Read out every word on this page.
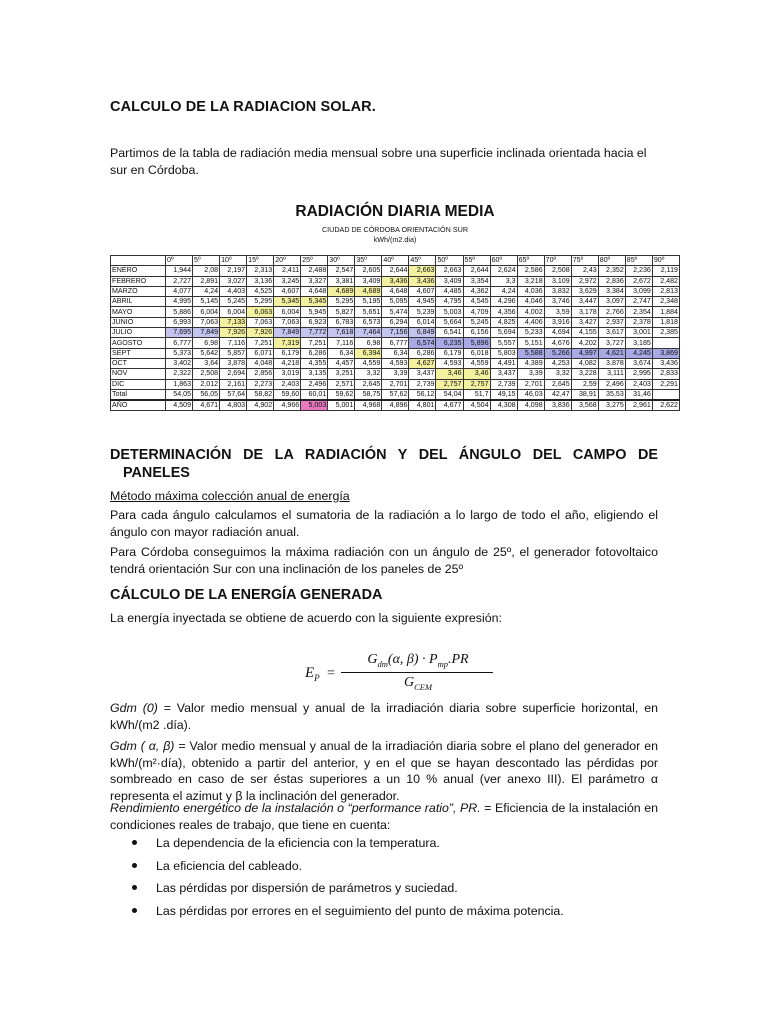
CALCULO DE LA RADIACION SOLAR.
Partimos de la tabla de radiación media mensual sobre una superficie inclinada orientada hacia el sur en Córdoba.
RADIACIÓN DIARIA MEDIA
CIUDAD DE CÓRDOBA ORIENTACIÓN SUR
kWh/(m2.dia)
	0º	5º	10º	15º	20º	25º	30º	35º	40º	45º	50º	55º	60º	65º	70º	75º	80º	85º	90º
ENERO	1,944	2,08	2,197	2,313	2,411	2,488	2,547	2,605	2,644	2,663	2,663	2,644	2,624	2,586	2,508	2,43	2,352	2,236	2,119
FEBRERO	2,727	2,891	3,027	3,136	3,245	3,327	3,381	3,409	3,436	3,436	3,409	3,354	3,3	3,218	3,109	2,972	2,836	2,672	2,482
MARZO	4,077	4,24	4,403	4,525	4,607	4,648	4,689	4,689	4,648	4,607	4,485	4,362	4,24	4,036	3,832	3,629	3,384	3,099	2,813
ABRIL	4,995	5,145	5,245	5,295	5,345	5,345	5,295	5,195	5,095	4,945	4,795	4,545	4,296	4,046	3,746	3,447	3,097	2,747	2,348
MAYO	5,886	6,004	6,004	6,063	6,004	5,945	5,827	5,651	5,474	5,239	5,003	4,709	4,356	4,002	3,59	3,178	2,766	2,354	1,884
JUNIO	6,993	7,063	7,133	7,063	7,063	6,923	6,783	6,573	6,294	6,014	5,664	5,245	4,825	4,406	3,916	3,427	2,937	2,378	1,818
JULIO	7,695	7,849	7,926	7,926	7,849	7,772	7,618	7,464	7,156	6,849	6,541	6,156	5,694	5,233	4,694	4,155	3,617	3,001	2,385
AGOSTO	6,777	6,98	7,116	7,251	7,319	7,251	7,116	6,98	6,777	6,574	6,235	5,896	5,557	5,151	4,676	4,202	3,727	3,185	
SEPT	5,373	5,642	5,857	6,071	6,179	6,286	6,34	6,394	6,34	6,286	6,179	6,018	5,803	5,588	5,266	4,997	4,621	4,245	3,869
OCT	3,402	3,64	3,878	4,048	4,218	4,355	4,457	4,559	4,593	4,627	4,593	4,559	4,491	4,389	4,253	4,082	3,878	3,674	3,436
NOV	2,322	2,508	2,694	2,856	3,019	3,135	3,251	3,32	3,39	3,437	3,46	3,46	3,437	3,39	3,32	3,228	3,111	2,995	2,833
DIC	1,863	2,012	2,161	2,273	2,403	2,496	2,571	2,645	2,701	2,739	2,757	2,757	2,739	2,701	2,645	2,59	2,496	2,403	2,291
Total	54,05	56,05	57,64	58,82	59,60	60,01	59,62	58,75	57,62	56,12	54,04	51,7	49,15	46,03	42,47	38,91	35,53	31,46	
AÑO	4,509	4,671	4,803	4,902	4,966	5,003	5,001	4,968	4,896	4,801	4,677	4,504	4,308	4,098	3,836	3,568	3,275	2,961	2,622
DETERMINACIÓN DE LA RADIACIÓN Y DEL ÁNGULO DEL CAMPO DE
PANELES
Método máxima colección anual de energía
Para cada ángulo calculamos el sumatoria de la radiación a lo largo de todo el año, eligiendo el ángulo con mayor radiación anual.
Para Córdoba conseguimos la máxima radiación con un ángulo de 25º, el generador fotovoltaico tendrá orientación Sur con una inclinación de los paneles de 25º
CÁLCULO DE LA ENERGÍA GENERADA
La energía inyectada se obtiene de acuerdo con la siguiente expresión:
$E_P$ =
$G_{dm}(\alpha$, $\beta) \cdot P_{mp}.PR$
$G_{CEM}$
Gdm (0) = Valor medio mensual y anual de la irradiación diaria sobre superficie horizontal, en kWh/(m2 .día).
Gdm ( α, β) = Valor medio mensual y anual de la irradiación diaria sobre el plano del generador en kWh/(m²·día), obtenido a partir del anterior, y en el que se hayan descontado las pérdidas por sombreado en caso de ser éstas superiores a un 10 % anual (ver anexo III). El parámetro α representa el azimut y β la inclinación del generador.
Rendimiento energético de la instalación o “performance ratio”, PR. = Eficiencia de la instalación en condiciones reales de trabajo, que tiene en cuenta:
La dependencia de la eficiencia con la temperatura.
La eficiencia del cableado.
Las pérdidas por dispersión de parámetros y suciedad.
Las pérdidas por errores en el seguimiento del punto de máxima potencia.
